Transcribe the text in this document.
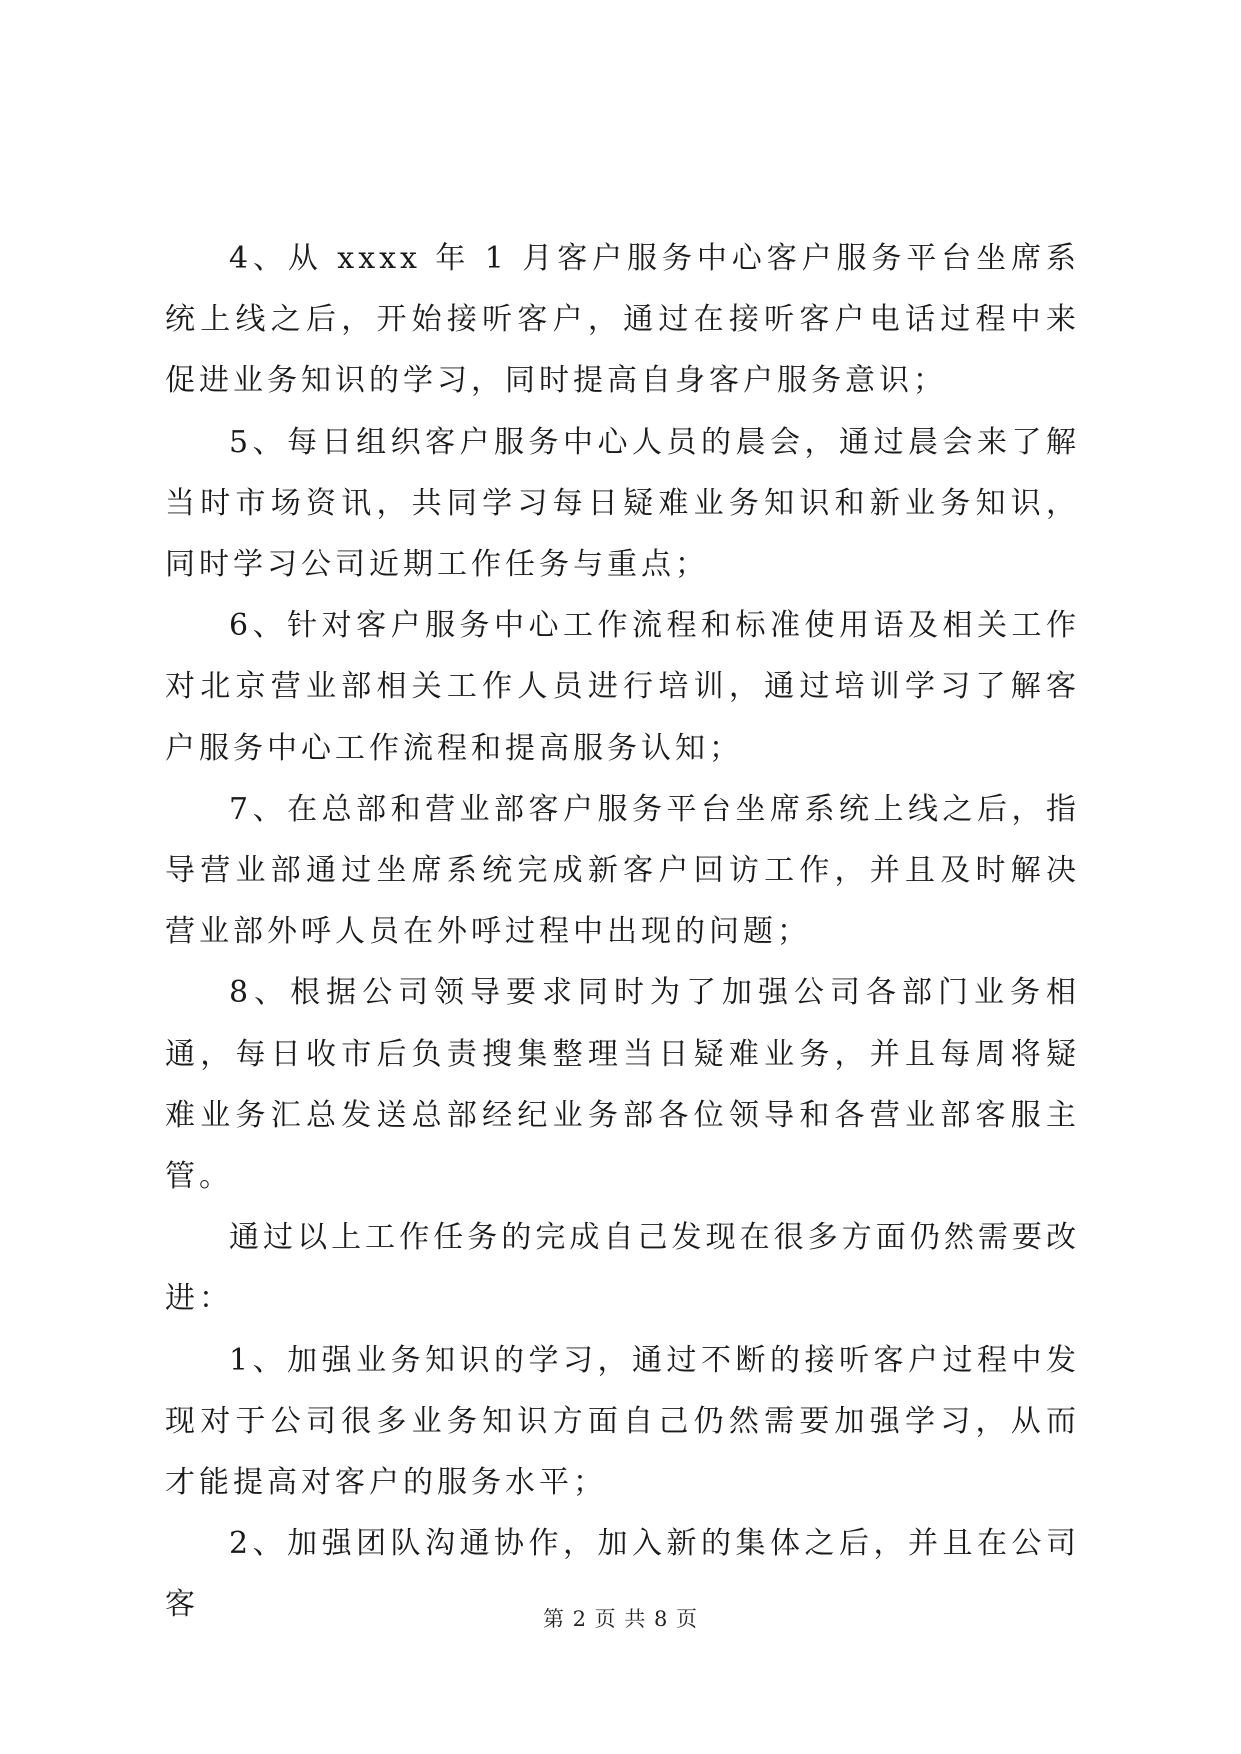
4、从 xxxx 年 1 月客户服务中心客户服务平台坐席系统上线之后，开始接听客户，通过在接听客户电话过程中来促进业务知识的学习，同时提高自身客户服务意识；

5、每日组织客户服务中心人员的晨会，通过晨会来了解当时市场资讯，共同学习每日疑难业务知识和新业务知识，同时学习公司近期工作任务与重点；

6、针对客户服务中心工作流程和标准使用语及相关工作对北京营业部相关工作人员进行培训，通过培训学习了解客户服务中心工作流程和提高服务认知；

7、在总部和营业部客户服务平台坐席系统上线之后，指导营业部通过坐席系统完成新客户回访工作，并且及时解决营业部外呼人员在外呼过程中出现的问题；

8、根据公司领导要求同时为了加强公司各部门业务相通，每日收市后负责搜集整理当日疑难业务，并且每周将疑难业务汇总发送总部经纪业务部各位领导和各营业部客服主管。

通过以上工作任务的完成自己发现在很多方面仍然需要改进：

1、加强业务知识的学习，通过不断的接听客户过程中发现对于公司很多业务知识方面自己仍然需要加强学习，从而才能提高对客户的服务水平；

2、加强团队沟通协作，加入新的集体之后，并且在公司客	第 2 页 共 8 页
